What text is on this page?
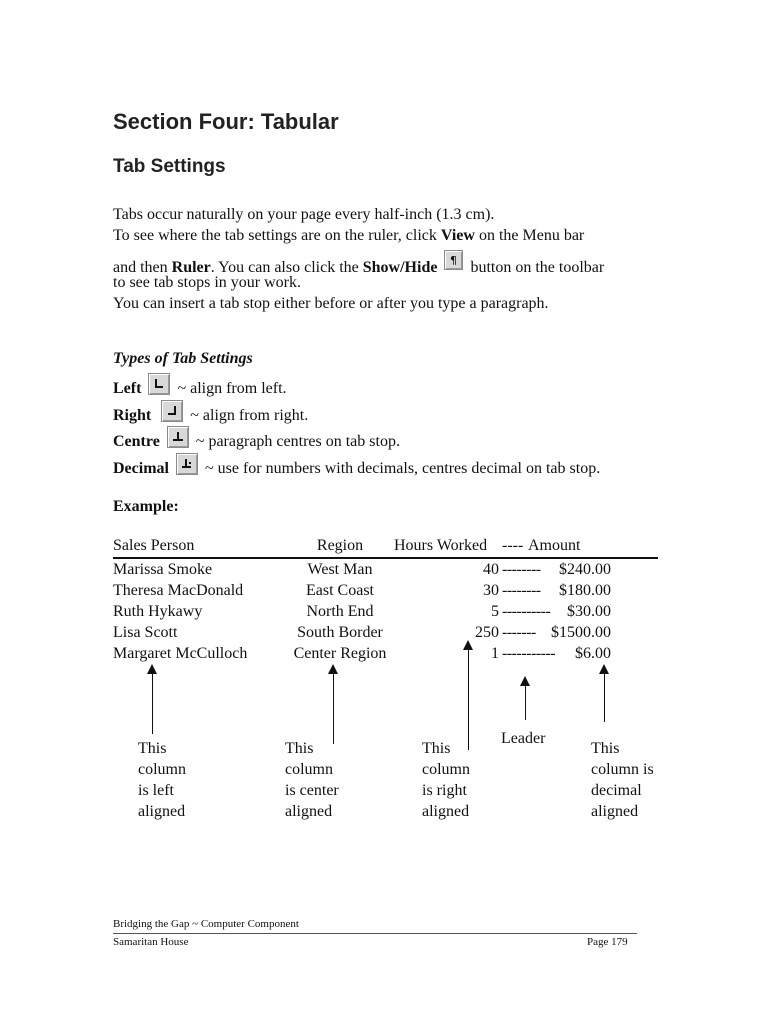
Section Four: Tabular
Tab Settings
Tabs occur naturally on your page every half-inch (1.3 cm).
To see where the tab settings are on the ruler, click View on the Menu bar
and then Ruler. You can also click the Show/Hide ¶ button on the toolbar
to see tab stops in your work.
You can insert a tab stop either before or after you type a paragraph.
Types of Tab Settings
Left
~ align from left.
Right
~ align from right.
Centre
~ paragraph centres on tab stop.
Decimal
~ use for numbers with decimals, centres decimal on tab stop.
Example:
Sales Person	Region	Hours Worked ---- Amount
Marissa Smoke	West Man	40 --------	$240.00
Theresa MacDonald	East Coast	30 --------	$180.00
Ruth Hykawy	North End	5 ----------	$30.00
Lisa Scott	South Border	250 ------- $1500.00
Margaret McCulloch	Center Region	1 -----------	$6.00
This
column
is left
aligned
This
column
is center
aligned
This
column
is right
aligned
Leader
This
column is
decimal
aligned
Bridging the Gap ~ Computer Component
Samaritan House	Page 179
